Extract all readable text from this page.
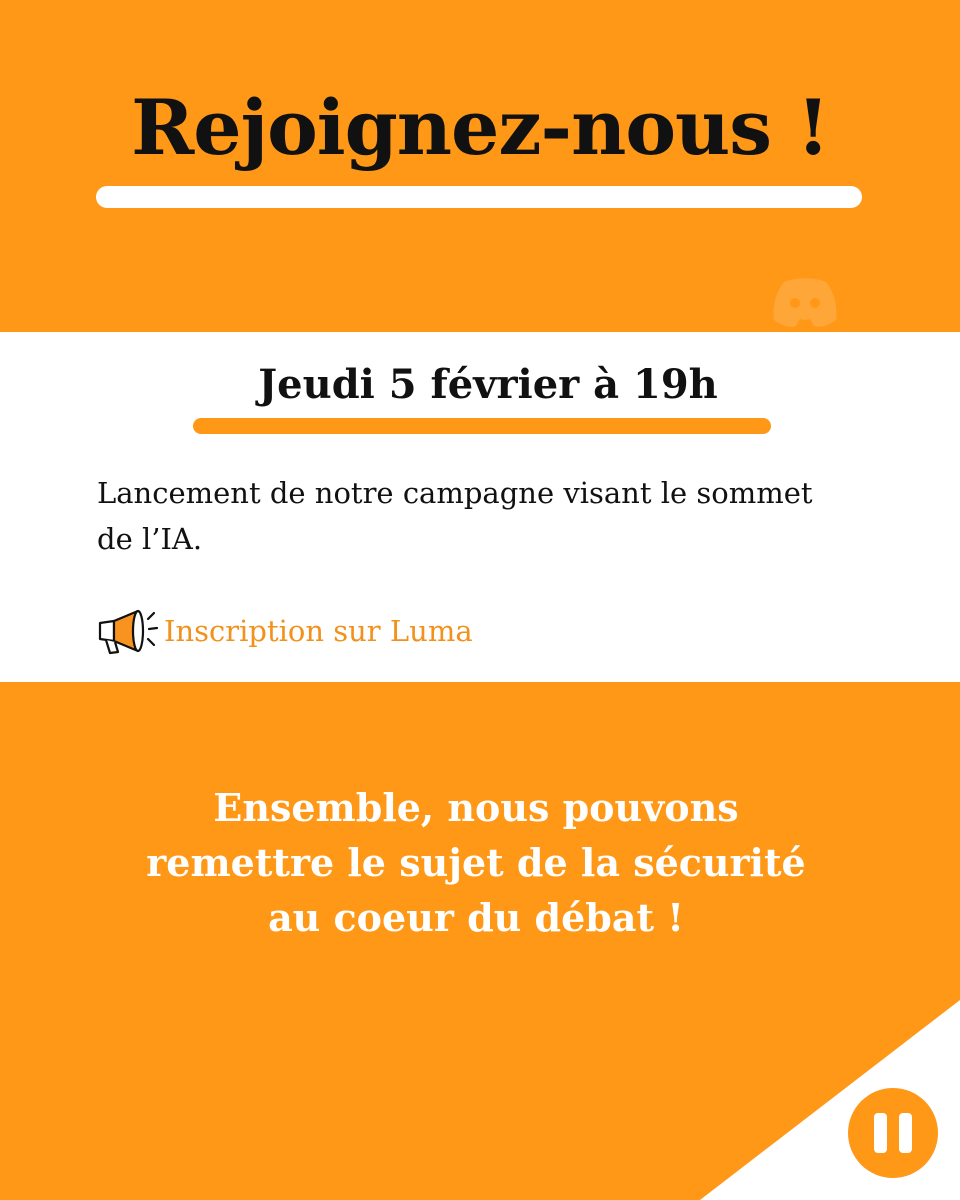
Rejoignez-nous !
Jeudi 5 février à 19h

Lancement de notre campagne visant le sommet de l’IA.

Inscription sur Luma
Ensemble, nous pouvons
remettre le sujet de la sécurité
au coeur du débat !
